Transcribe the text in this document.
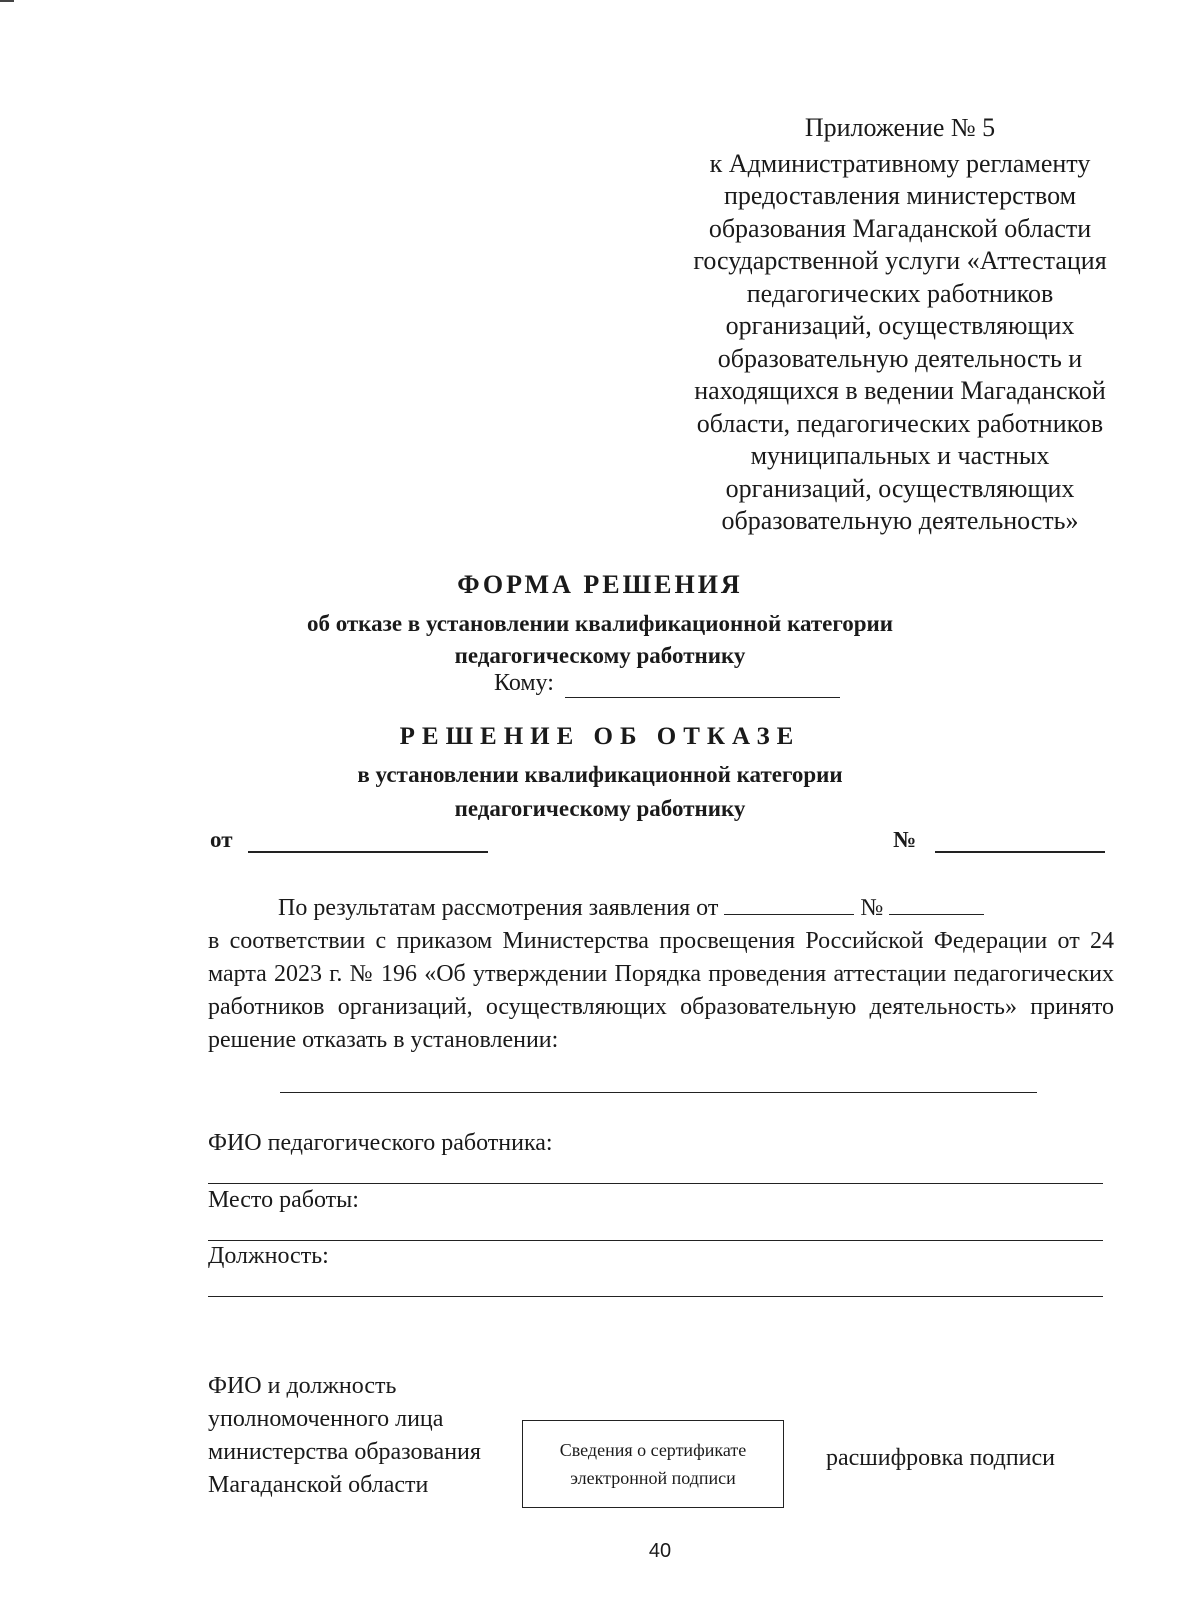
Приложение № 5
к Административному регламенту
предоставления министерством
образования Магаданской области
государственной услуги «Аттестация
педагогических работников
организаций, осуществляющих
образовательную деятельность и
находящихся в ведении Магаданской
области, педагогических работников
муниципальных и частных
организаций, осуществляющих
образовательную деятельность»
ФОРМА РЕШЕНИЯ
об отказе в установлении квалификационной категории
педагогическому работнику
Кому:
РЕШЕНИЕ ОБ ОТКАЗЕ
в установлении квалификационной категории
педагогическому работнику
от	№
По результатам рассмотрения заявления от	№
в соответствии с приказом Министерства просвещения Российской Федерации от 24 марта 2023 г. № 196 «Об утверждении Порядка проведения аттестации педагогических работников организаций, осуществляющих образовательную деятельность» принято решение отказать в установлении:
ФИО педагогического работника:
Место работы:
Должность:
ФИО и должность
уполномоченного лица
министерства образования
Магаданской области
Сведения о сертификате
электронной подписи
расшифровка подписи
40
